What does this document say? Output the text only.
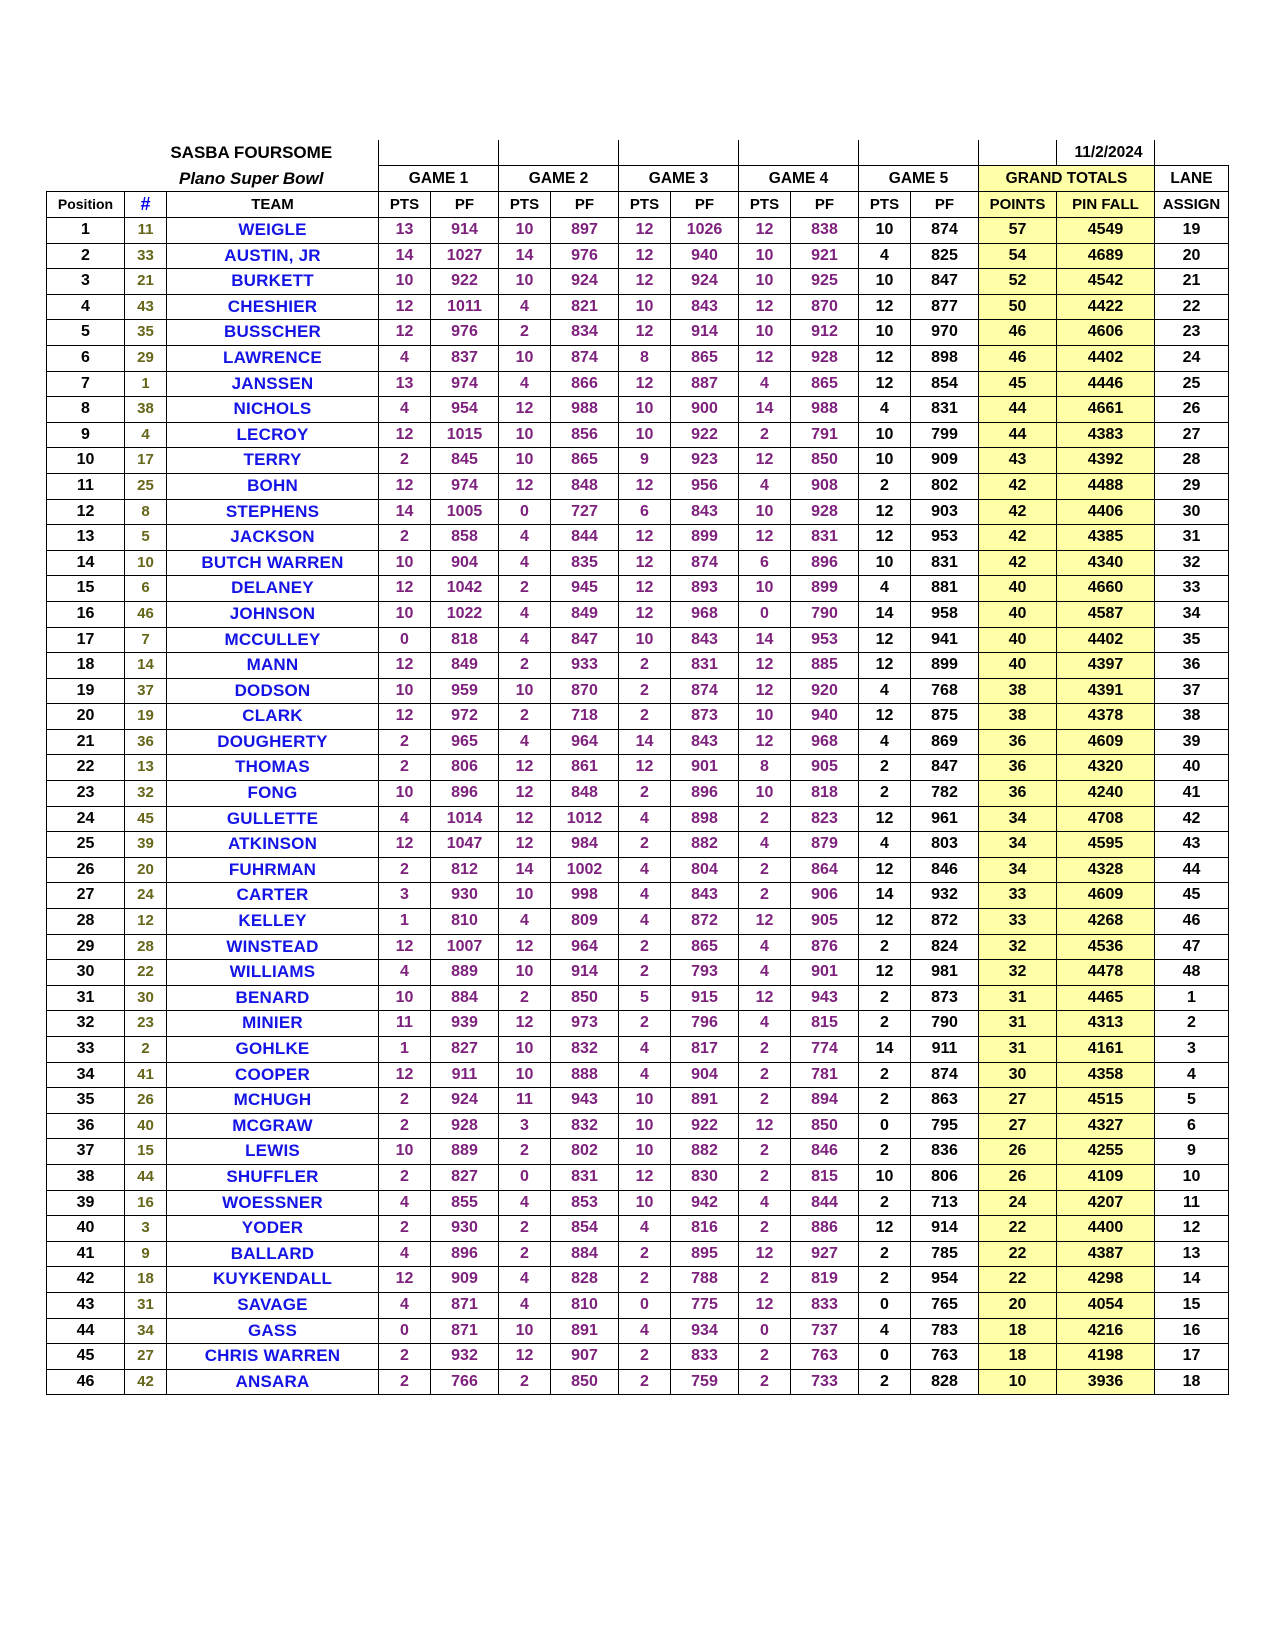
	SASBA FOURSOME													11/2/2024	
	Plano Super Bowl		GAME 1		GAME 2		GAME 3		GAME 4		GAME 5		GRAND TOTALS		LANE
Position	#	TEAM	PTS	PF	PTS	PF	PTS	PF	PTS	PF	PTS	PF	POINTS	PIN FALL	ASSIGN
1	11	WEIGLE	13	914	10	897	12	1026	12	838	10	874	57	4549	19
2	33	AUSTIN, JR	14	1027	14	976	12	940	10	921	4	825	54	4689	20
3	21	BURKETT	10	922	10	924	12	924	10	925	10	847	52	4542	21
4	43	CHESHIER	12	1011	4	821	10	843	12	870	12	877	50	4422	22
5	35	BUSSCHER	12	976	2	834	12	914	10	912	10	970	46	4606	23
6	29	LAWRENCE	4	837	10	874	8	865	12	928	12	898	46	4402	24
7	1	JANSSEN	13	974	4	866	12	887	4	865	12	854	45	4446	25
8	38	NICHOLS	4	954	12	988	10	900	14	988	4	831	44	4661	26
9	4	LECROY	12	1015	10	856	10	922	2	791	10	799	44	4383	27
10	17	TERRY	2	845	10	865	9	923	12	850	10	909	43	4392	28
11	25	BOHN	12	974	12	848	12	956	4	908	2	802	42	4488	29
12	8	STEPHENS	14	1005	0	727	6	843	10	928	12	903	42	4406	30
13	5	JACKSON	2	858	4	844	12	899	12	831	12	953	42	4385	31
14	10	BUTCH WARREN	10	904	4	835	12	874	6	896	10	831	42	4340	32
15	6	DELANEY	12	1042	2	945	12	893	10	899	4	881	40	4660	33
16	46	JOHNSON	10	1022	4	849	12	968	0	790	14	958	40	4587	34
17	7	MCCULLEY	0	818	4	847	10	843	14	953	12	941	40	4402	35
18	14	MANN	12	849	2	933	2	831	12	885	12	899	40	4397	36
19	37	DODSON	10	959	10	870	2	874	12	920	4	768	38	4391	37
20	19	CLARK	12	972	2	718	2	873	10	940	12	875	38	4378	38
21	36	DOUGHERTY	2	965	4	964	14	843	12	968	4	869	36	4609	39
22	13	THOMAS	2	806	12	861	12	901	8	905	2	847	36	4320	40
23	32	FONG	10	896	12	848	2	896	10	818	2	782	36	4240	41
24	45	GULLETTE	4	1014	12	1012	4	898	2	823	12	961	34	4708	42
25	39	ATKINSON	12	1047	12	984	2	882	4	879	4	803	34	4595	43
26	20	FUHRMAN	2	812	14	1002	4	804	2	864	12	846	34	4328	44
27	24	CARTER	3	930	10	998	4	843	2	906	14	932	33	4609	45
28	12	KELLEY	1	810	4	809	4	872	12	905	12	872	33	4268	46
29	28	WINSTEAD	12	1007	12	964	2	865	4	876	2	824	32	4536	47
30	22	WILLIAMS	4	889	10	914	2	793	4	901	12	981	32	4478	48
31	30	BENARD	10	884	2	850	5	915	12	943	2	873	31	4465	1
32	23	MINIER	11	939	12	973	2	796	4	815	2	790	31	4313	2
33	2	GOHLKE	1	827	10	832	4	817	2	774	14	911	31	4161	3
34	41	COOPER	12	911	10	888	4	904	2	781	2	874	30	4358	4
35	26	MCHUGH	2	924	11	943	10	891	2	894	2	863	27	4515	5
36	40	MCGRAW	2	928	3	832	10	922	12	850	0	795	27	4327	6
37	15	LEWIS	10	889	2	802	10	882	2	846	2	836	26	4255	9
38	44	SHUFFLER	2	827	0	831	12	830	2	815	10	806	26	4109	10
39	16	WOESSNER	4	855	4	853	10	942	4	844	2	713	24	4207	11
40	3	YODER	2	930	2	854	4	816	2	886	12	914	22	4400	12
41	9	BALLARD	4	896	2	884	2	895	12	927	2	785	22	4387	13
42	18	KUYKENDALL	12	909	4	828	2	788	2	819	2	954	22	4298	14
43	31	SAVAGE	4	871	4	810	0	775	12	833	0	765	20	4054	15
44	34	GASS	0	871	10	891	4	934	0	737	4	783	18	4216	16
45	27	CHRIS WARREN	2	932	12	907	2	833	2	763	0	763	18	4198	17
46	42	ANSARA	2	766	2	850	2	759	2	733	2	828	10	3936	18
